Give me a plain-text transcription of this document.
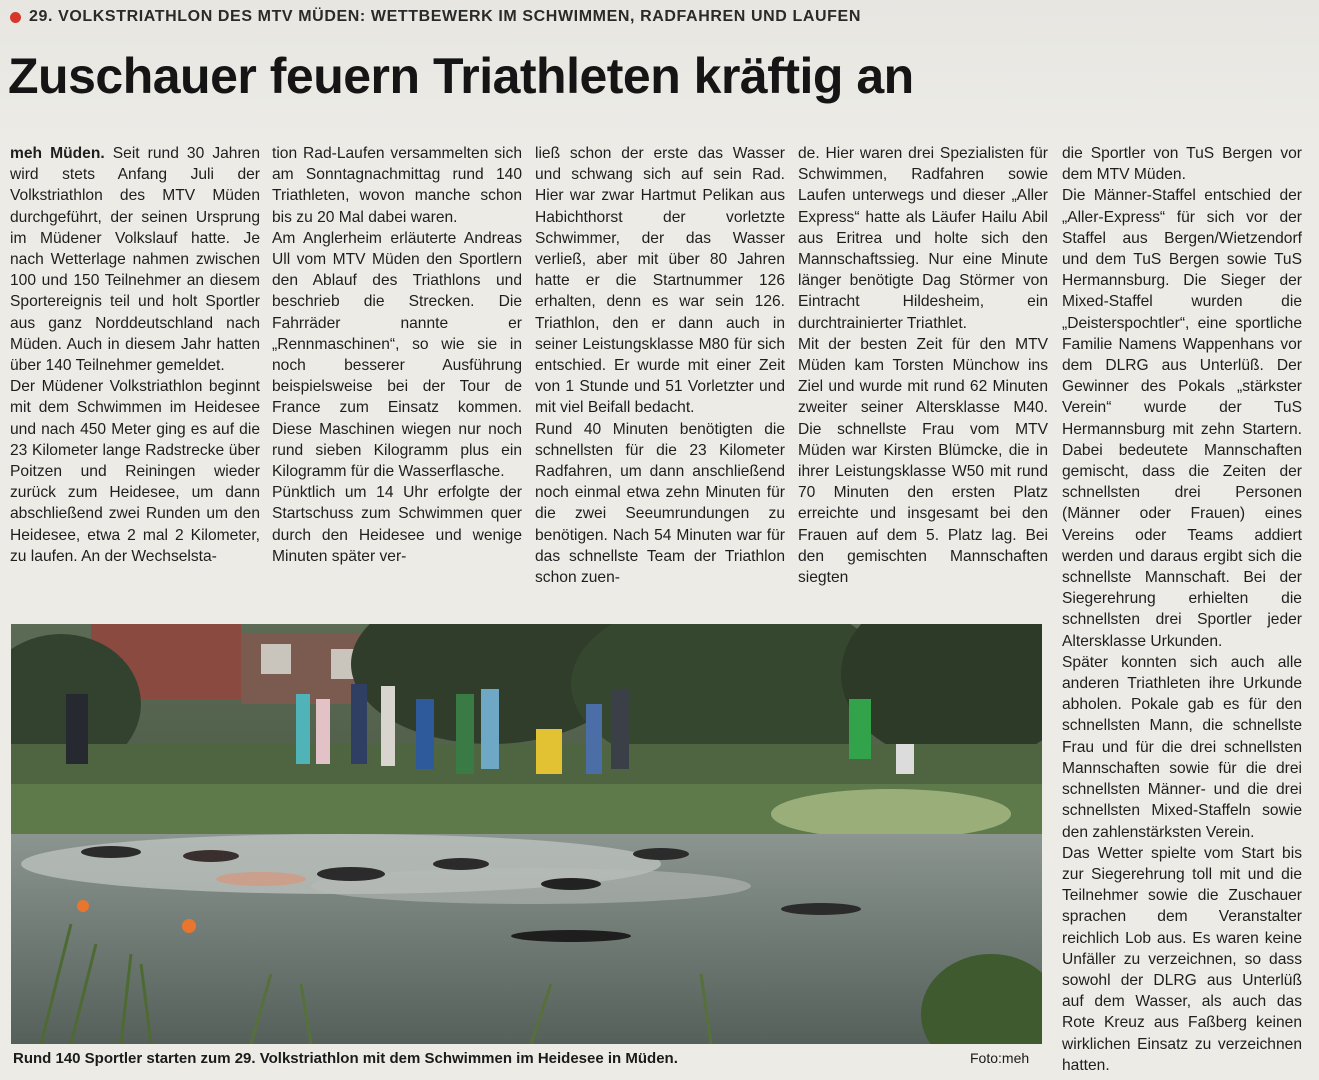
29. VOLKSTRIATHLON DES MTV MÜDEN: WETTBEWERK IM SCHWIMMEN, RADFAHREN UND LAUFEN
Zuschauer feuern Triathleten kräftig an

meh Müden. Seit rund 30 Jahren wird stets Anfang Juli der Volkstriathlon des MTV Müden durchgeführt, der seinen Ursprung im Müdener Volkslauf hatte. Je nach Wetterlage nahmen zwischen 100 und 150 Teilnehmer an diesem Sportereignis teil und holt Sportler aus ganz Norddeutschland nach Müden. Auch in diesem Jahr hatten über 140 Teilnehmer gemeldet.

Der Müdener Volkstriathlon beginnt mit dem Schwimmen im Heidesee und nach 450 Meter ging es auf die 23 Kilometer lange Radstrecke über Poitzen und Reiningen wieder zurück zum Heidesee, um dann abschließend zwei Runden um den Heidesee, etwa 2 mal 2 Kilometer, zu laufen. An der Wechselsta-

tion Rad-Laufen versammelten sich am Sonntagnachmittag rund 140 Triathleten, wovon manche schon bis zu 20 Mal dabei waren.

Am Anglerheim erläuterte Andreas Ull vom MTV Müden den Sportlern den Ablauf des Triathlons und beschrieb die Strecken. Die Fahrräder nannte er „Rennmaschinen“, so wie sie in noch besserer Ausführung beispielsweise bei der Tour de France zum Einsatz kommen. Diese Maschinen wiegen nur noch rund sieben Kilogramm plus ein Kilogramm für die Wasserflasche.

Pünktlich um 14 Uhr erfolgte der Startschuss zum Schwimmen quer durch den Heidesee und wenige Minuten später ver-

ließ schon der erste das Wasser und schwang sich auf sein Rad. Hier war zwar Hartmut Pelikan aus Habichthorst der vorletzte Schwimmer, der das Wasser verließ, aber mit über 80 Jahren hatte er die Startnummer 126 erhalten, denn es war sein 126. Triathlon, den er dann auch in seiner Leistungsklasse M80 für sich entschied. Er wurde mit einer Zeit von 1 Stunde und 51 Vorletzter und mit viel Beifall bedacht.

Rund 40 Minuten benötigten die schnellsten für die 23 Kilometer Radfahren, um dann anschließend noch einmal etwa zehn Minuten für die zwei Seeumrundungen zu benötigen. Nach 54 Minuten war für das schnellste Team der Triathlon schon zuen-

de. Hier waren drei Spezialisten für Schwimmen, Radfahren sowie Laufen unterwegs und dieser „Aller Express“ hatte als Läufer Hailu Abil aus Eritrea und holte sich den Mannschaftssieg. Nur eine Minute länger benötigte Dag Störmer von Eintracht Hildesheim, ein durchtrainierter Triathlet.

Mit der besten Zeit für den MTV Müden kam Torsten Münchow ins Ziel und wurde mit rund 62 Minuten zweiter seiner Altersklasse M40. Die schnellste Frau vom MTV Müden war Kirsten Blümcke, die in ihrer Leistungsklasse W50 mit rund 70 Minuten den ersten Platz erreichte und insgesamt bei den Frauen auf dem 5. Platz lag. Bei den gemischten Mannschaften siegten

die Sportler von TuS Bergen vor dem MTV Müden.

Die Männer-Staffel entschied der „Aller-Express“ für sich vor der Staffel aus Bergen/Wietzendorf und dem TuS Bergen sowie TuS Hermannsburg. Die Sieger der Mixed-Staffel wurden die „Deisterspochtler“, eine sportliche Familie Namens Wappenhans vor dem DLRG aus Unterlüß. Der Gewinner des Pokals „stärkster Verein“ wurde der TuS Hermannsburg mit zehn Startern. Dabei bedeutete Mannschaften gemischt, dass die Zeiten der schnellsten drei Personen (Männer oder Frauen) eines Vereins oder Teams addiert werden und daraus ergibt sich die schnellste Mannschaft. Bei der Siegerehrung erhielten die schnellsten drei Sportler jeder Altersklasse Urkunden.

Später konnten sich auch alle anderen Triathleten ihre Urkunde abholen. Pokale gab es für den schnellsten Mann, die schnellste Frau und für die drei schnellsten Mannschaften sowie für die drei schnellsten Männer- und die drei schnellsten Mixed-Staffeln sowie den zahlenstärksten Verein.

Das Wetter spielte vom Start bis zur Siegerehrung toll mit und die Teilnehmer sowie die Zuschauer sprachen dem Veranstalter reichlich Lob aus. Es waren keine Unfäller zu verzeichnen, so dass sowohl der DLRG aus Unterlüß auf dem Wasser, als auch das Rote Kreuz aus Faßberg keinen wirklichen Einsatz zu verzeichnen hatten.

Rund 140 Sportler starten zum 29. Volkstriathlon mit dem Schwimmen im Heidesee in Müden.	Foto:meh
